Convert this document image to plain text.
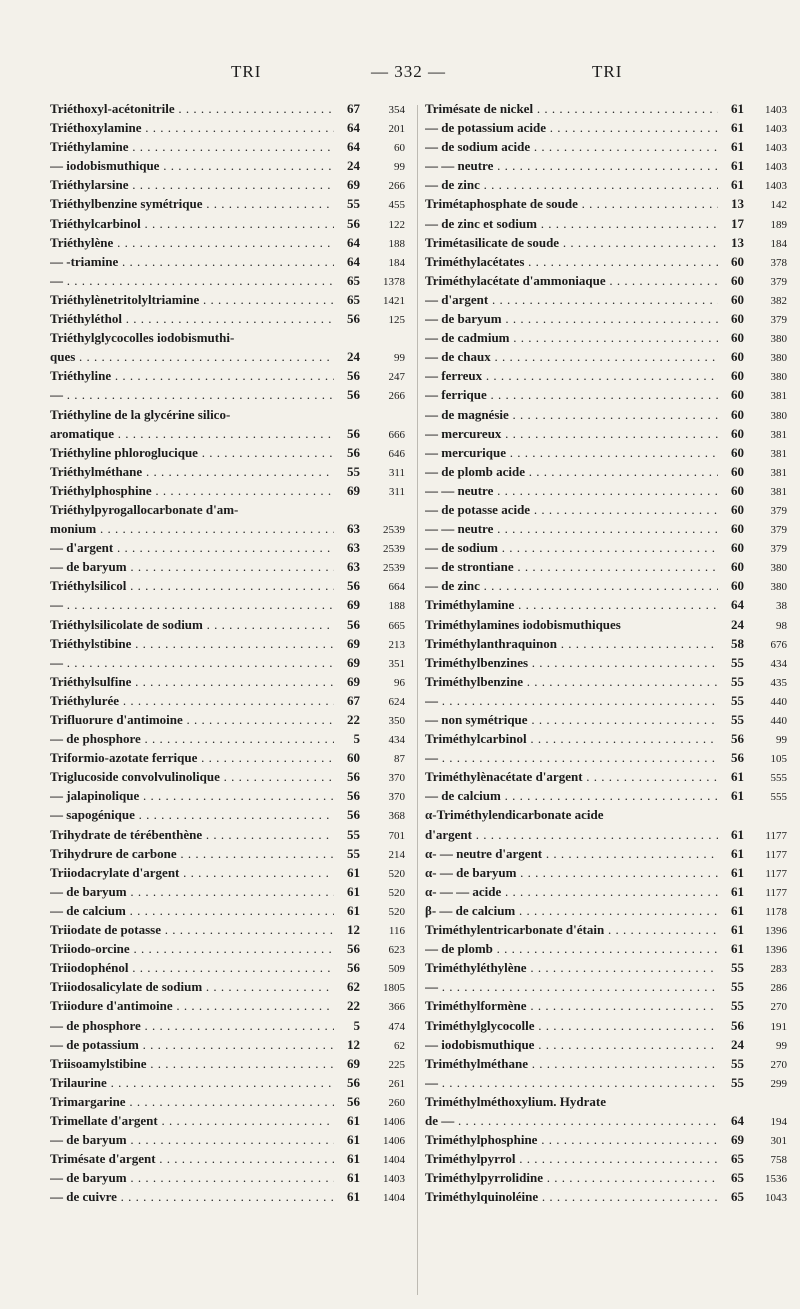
TRI	— 332 —	TRI
Triéthoxyl-acétonitrile . . .	67	354
Triéthoxylamine . . .	64	201
Triéthylamine . . .	64	60
— iodobismuthique . . .	24	99
Triéthylarsine . . .	69	266
Triéthylbenzine symétrique . . .	55	455
Triéthylcarbinol . . .	56	122
Triéthylène . . .	64	188
— -triamine . . .	64	184
— . . .	65	1378
Triéthylènetritolyltriamine . . .	65	1421
Triéthyléthol . . .	56	125
Triéthylglycocolles iodobismuthi-
ques . . .	24	99
Triéthyline . . .	56	247
— . . .	56	266
Triéthyline de la glycérine silico-
aromatique . . .	56	666
Triéthyline phloroglucique . . .	56	646
Triéthylméthane . . .	55	311
Triéthylphosphine . . .	69	311
Triéthylpyrogallocarbonate d'am-
monium . . .	63	2539
— d'argent . . .	63	2539
— de baryum . . .	63	2539
Triéthylsilicol . . .	56	664
— . . .	69	188
Triéthylsilicolate de sodium . . .	56	665
Triéthylstibine . . .	69	213
— . . .	69	351
Triéthylsulfine . . .	69	96
Triéthylurée . . .	67	624
Trifluorure d'antimoine . . .	22	350
— de phosphore . . .	5	434
Triformio-azotate ferrique . . .	60	87
Triglucoside convolvulinolique . . .	56	370
— jalapinolique . . .	56	370
— sapogénique . . .	56	368
Trihydrate de térébenthène . . .	55	701
Trihydrure de carbone . . .	55	214
Triiodacrylate d'argent . . .	61	520
— de baryum . . .	61	520
— de calcium . . .	61	520
Triiodate de potasse . . .	12	116
Triiodo-orcine . . .	56	623
Triiodophénol . . .	56	509
Triiodosalicylate de sodium . . .	62	1805
Triiodure d'antimoine . . .	22	366
— de phosphore . . .	5	474
— de potassium . . .	12	62
Triisoamylstibine . . .	69	225
Trilaurine . . .	56	261
Trimargarine . . .	56	260
Trimellate d'argent . . .	61	1406
— de baryum . . .	61	1406
Trimésate d'argent . . .	61	1404
— de baryum . . .	61	1403
— de cuivre . . .	61	1404
Trimésate de nickel . . .	61	1403
— de potassium acide . . .	61	1403
— de sodium acide . . .	61	1403
— — neutre . . .	61	1403
— de zinc . . .	61	1403
Trimétaphosphate de soude . . .	13	142
— de zinc et sodium . . .	17	189
Trimétasilicate de soude . . .	13	184
Triméthylacétates . . .	60	378
Triméthylacétate d'ammoniaque . . .	60	379
— d'argent . . .	60	382
— de baryum . . .	60	379
— de cadmium . . .	60	380
— de chaux . . .	60	380
— ferreux . . .	60	380
— ferrique . . .	60	381
— de magnésie . . .	60	380
— mercureux . . .	60	381
— mercurique . . .	60	381
— de plomb acide . . .	60	381
— — neutre . . .	60	381
— de potasse acide . . .	60	379
— — neutre . . .	60	379
— de sodium . . .	60	379
— de strontiane . . .	60	380
— de zinc . . .	60	380
Triméthylamine . . .	64	38
Triméthylamines iodobismuthiques	24	98
Triméthylanthraquinon . . .	58	676
Triméthylbenzines . . .	55	434
Triméthylbenzine . . .	55	435
— . . .	55	440
— non symétrique . . .	55	440
Triméthylcarbinol . . .	56	99
— . . .	56	105
Triméthylènacétate d'argent . . .	61	555
— de calcium . . .	61	555
α-Triméthylendicarbonate acide
d'argent . . .	61	1177
α- — neutre d'argent . . .	61	1177
α- — de baryum . . .	61	1177
α- — — acide . . .	61	1177
β- — de calcium . . .	61	1178
Triméthylentricarbonate d'étain . . .	61	1396
— de plomb . . .	61	1396
Triméthyléthylène . . .	55	283
— . . .	55	286
Triméthylformène . . .	55	270
Triméthylglycocolle . . .	56	191
— iodobismuthique . . .	24	99
Triméthylméthane . . .	55	270
— . . .	55	299
Triméthylméthoxylium. Hydrate
de — . . .	64	194
Triméthylphosphine . . .	69	301
Triméthylpyrrol . . .	65	758
Triméthylpyrrolidine . . .	65	1536
Triméthylquinoléine . . .	65	1043
